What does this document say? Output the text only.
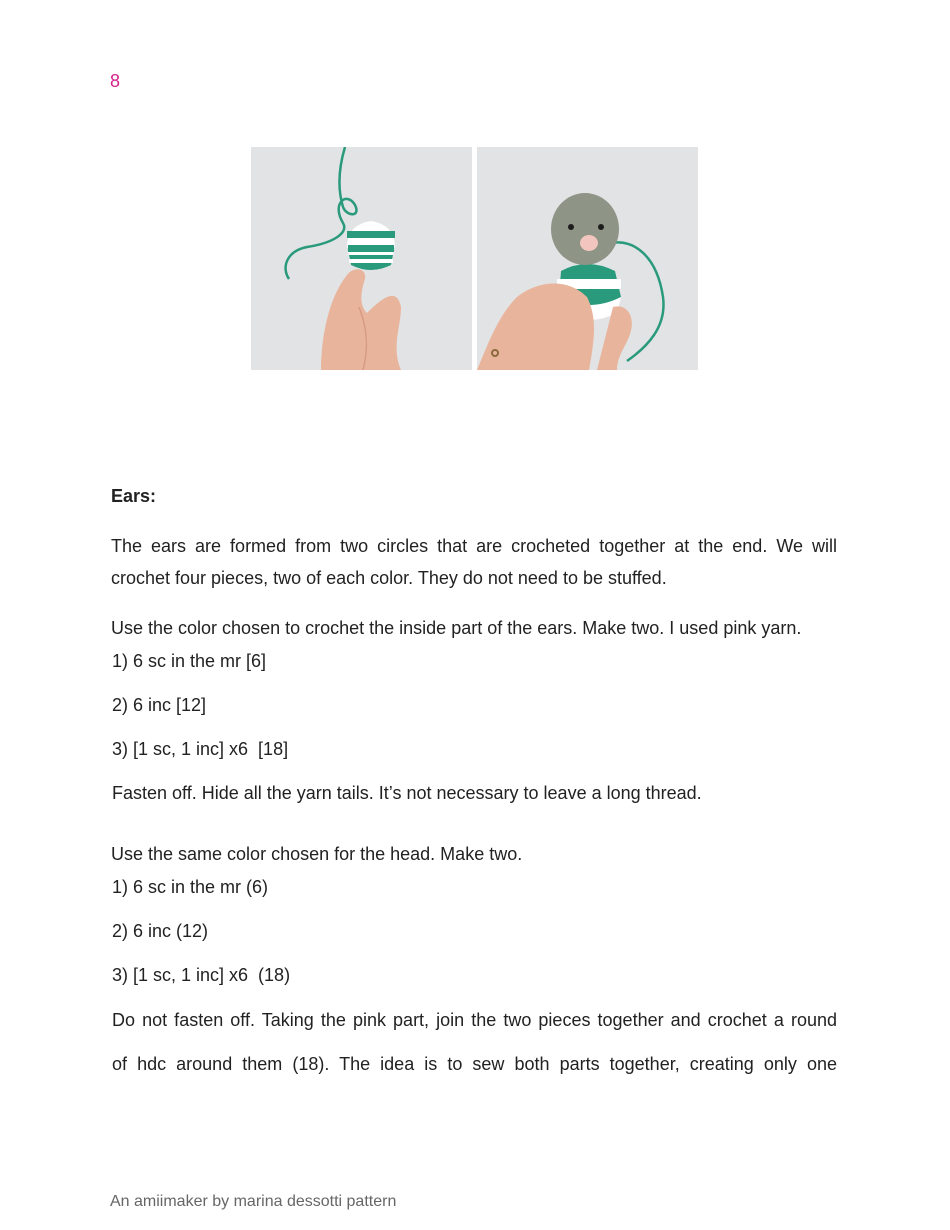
8
Ears:
The ears are formed from two circles that are crocheted together at the end. We will
crochet four pieces, two of each color. They do not need to be stuffed.
Use the color chosen to crochet the inside part of the ears. Make two. I used pink yarn.
1) 6 sc in the mr [6]
2) 6 inc [12]
3) [1 sc, 1 inc] x6  [18]
Fasten off. Hide all the yarn tails. It’s not necessary to leave a long thread.
Use the same color chosen for the head. Make two.
1) 6 sc in the mr (6)
2) 6 inc (12)
3) [1 sc, 1 inc] x6  (18)
Do not fasten off. Taking the pink part, join the two pieces together and crochet a round
of hdc around them (18). The idea is to sew both parts together, creating only one
An amiimaker by marina dessotti pattern
